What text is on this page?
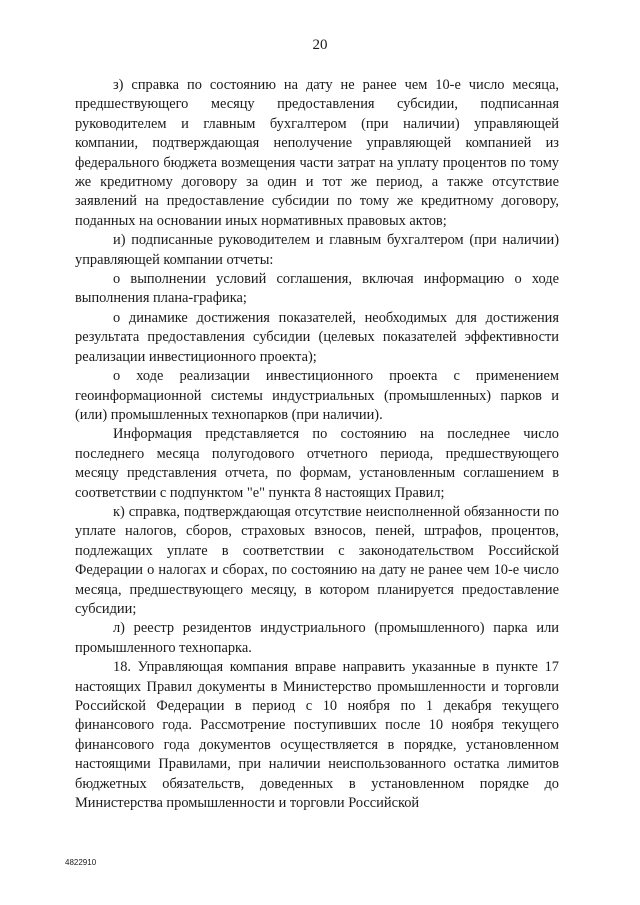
20

з) справка по состоянию на дату не ранее чем 10-е число месяца, предшествующего месяцу предоставления субсидии, подписанная руководителем и главным бухгалтером (при наличии) управляющей компании, подтверждающая неполучение управляющей компанией из федерального бюджета возмещения части затрат на уплату процентов по тому же кредитному договору за один и тот же период, а также отсутствие заявлений на предоставление субсидии по тому же кредитному договору, поданных на основании иных нормативных правовых актов;

и) подписанные руководителем и главным бухгалтером (при наличии) управляющей компании отчеты:

о выполнении условий соглашения, включая информацию о ходе выполнения плана-графика;

о динамике достижения показателей, необходимых для достижения результата предоставления субсидии (целевых показателей эффективности реализации инвестиционного проекта);

о ходе реализации инвестиционного проекта с применением геоинформационной системы индустриальных (промышленных) парков и (или) промышленных технопарков (при наличии).

Информация представляется по состоянию на последнее число последнего месяца полугодового отчетного периода, предшествующего месяцу представления отчета, по формам, установленным соглашением в соответствии с подпунктом "е" пункта 8 настоящих Правил;

к) справка, подтверждающая отсутствие неисполненной обязанности по уплате налогов, сборов, страховых взносов, пеней, штрафов, процентов, подлежащих уплате в соответствии с законодательством Российской Федерации о налогах и сборах, по состоянию на дату не ранее чем 10-е число месяца, предшествующего месяцу, в котором планируется предоставление субсидии;

л) реестр резидентов индустриального (промышленного) парка или промышленного технопарка.

18. Управляющая компания вправе направить указанные в пункте 17 настоящих Правил документы в Министерство промышленности и торговли Российской Федерации в период с 10 ноября по 1 декабря текущего финансового года. Рассмотрение поступивших после 10 ноября текущего финансового года документов осуществляется в порядке, установленном настоящими Правилами, при наличии неиспользованного остатка лимитов бюджетных обязательств, доведенных в установленном порядке до Министерства промышленности и торговли Российской

4822910
